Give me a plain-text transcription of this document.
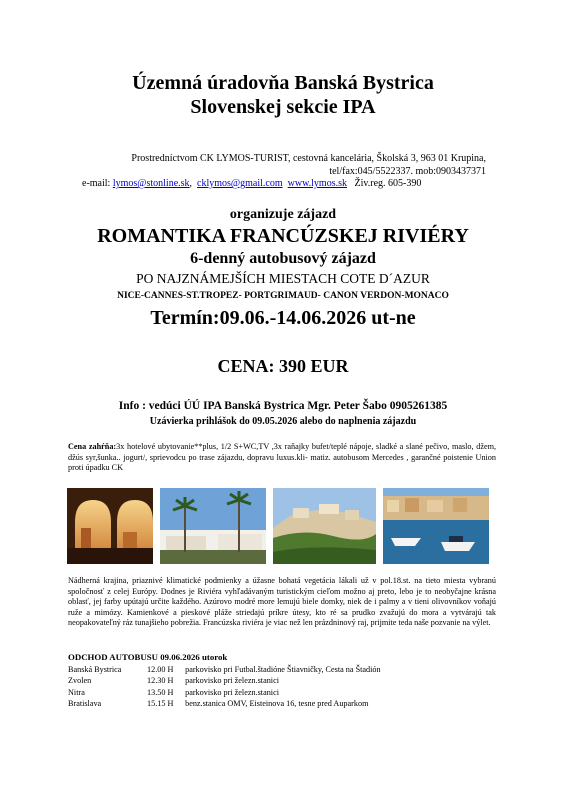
Územná úradovňa Banská Bystrica
Slovenskej sekcie IPA
Prostredníctvom CK LYMOS-TURIST, cestovná kancelária, Školská 3, 963 01 Krupina,
tel/fax:045/5522337. mob:0903437371
e-mail: lymos@stonline.sk,  cklymos@gmail.com www.lymos.sk Živ.reg. 605-390
organizuje zájazd
ROMANTIKA FRANCÚZSKEJ RIVIÉRY
6-denný autobusový zájazd
PO NAJZNÁMEJŠÍCH MIESTACH COTE D´AZUR
NICE-CANNES-ST.TROPEZ- PORTGRIMAUD- CANON VERDON-MONACO
Termín:09.06.-14.06.2026 ut-ne
CENA: 390 EUR
Info : vedúci ÚÚ IPA Banská Bystrica Mgr. Peter Šabo 0905261385
Uzávierka prihlášok do 09.05.2026 alebo do naplnenia zájazdu
Cena zahŕňa:3x hotelové ubytovanie**plus, 1/2 S+WC,TV ,3x raňajky bufet/teplé nápoje, sladké a slané pečivo, maslo, džem, džús syr,šunka.. jogurt/, sprievodcu po trase zájazdu, dopravu luxus.kli- matiz. autobusom Mercedes , garančné poistenie Union proti úpadku CK
Nádherná krajina, priaznivé klimatické podmienky a úžasne bohatá vegetácia lákali už v pol.18.st. na tieto miesta vybranú spoločnosť z celej Európy. Dodnes je Riviéra vyhľadávaným turistickým cieľom možno aj preto, lebo je to neobyčajne krásna oblasť, jej farby upútajú určite každého. Azúrovo modré more lemujú biele domky, niek de i palmy a v tieni olivovníkov voňajú ruže a mimózy. Kamienkové a pieskové pláže striedajú príkre útesy, kto ré sa prudko zvažujú do mora a vytvárajú tak neopakovateľný ráz tunajšieho pobrežia. Francúzska riviéra je viac než len prázdninový raj, prijmite teda naše pozvanie na výlet.
ODCHOD AUTOBUSU 09.06.2026 utorok
Banská Bystrica	12.00 H parkovisko pri Futbal.štadióne Štiavničky, Cesta na Štadión
Zvolen	12.30 H parkovisko pri železn.stanici
Nitra	13.50 H parkovisko pri železn.stanici
Bratislava	15.15 H benz.stanica OMV, Eisteinova 16, tesne pred Auparkom
